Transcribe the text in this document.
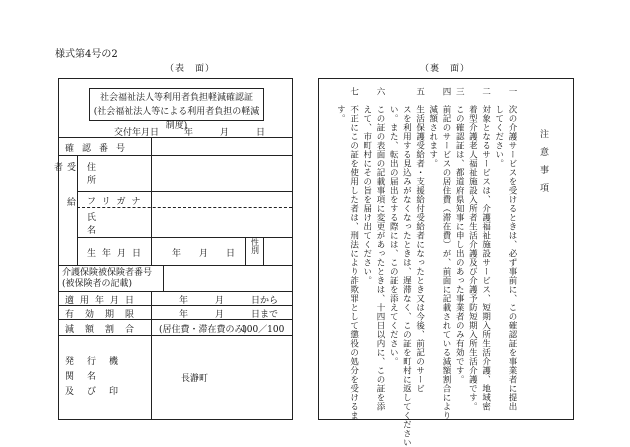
様式第4号の2
（表　面）	（裏　面）
社会福祉法人等利用者負担軽減確認証
(社会福祉法人等による利用者負担の軽減制度)
交付年月日	年　　　月　　　日
確認番号
受給者	住所
フリガナ
氏名
生年月日	年　　月　　日 性別
介護保険被保険者番号
(被保険者の記載)
適用年月日	年　　　月　　　日から
有効期限	年　　　月　　　日まで
減額割合	(居住費・滞在費のみ)
100／100
発行機関名
及び印
長瀞町
注意事項
一　次の介護サービスを受けるときは、必ず事前に、この確認証を事業者に提出
　　してください。
二　対象となるサービスは、介護福祉施設サービス、短期入所生活介護、地域密
　　着型介護老人福祉施設入所者生活介護及び介護予防短期入所生活介護です。
三　この確認証は、都道府県知事に申し出のあった事業者のみ有効です。
四　前記のサービスの居住費（滞在費）が、前面に記載されている減額割合により
　　減額されます。
五　生活保護受給者・支援給付受給者になったとき又は今後、前記のサービ
　　スを利用する見込みがなくなったときは、遅滞なく、この証を町村に返してください
　　い。また、転出の届出をする際には、この証を添えてください。
六　この証の表面の記載事項に変更があったときは、十四日以内に、この証を添
　　えて、市町村にその旨を届け出てください。
七　不正にこの証を使用した者は、刑法により詐欺罪として懲役の処分を受けるま
　　す。
